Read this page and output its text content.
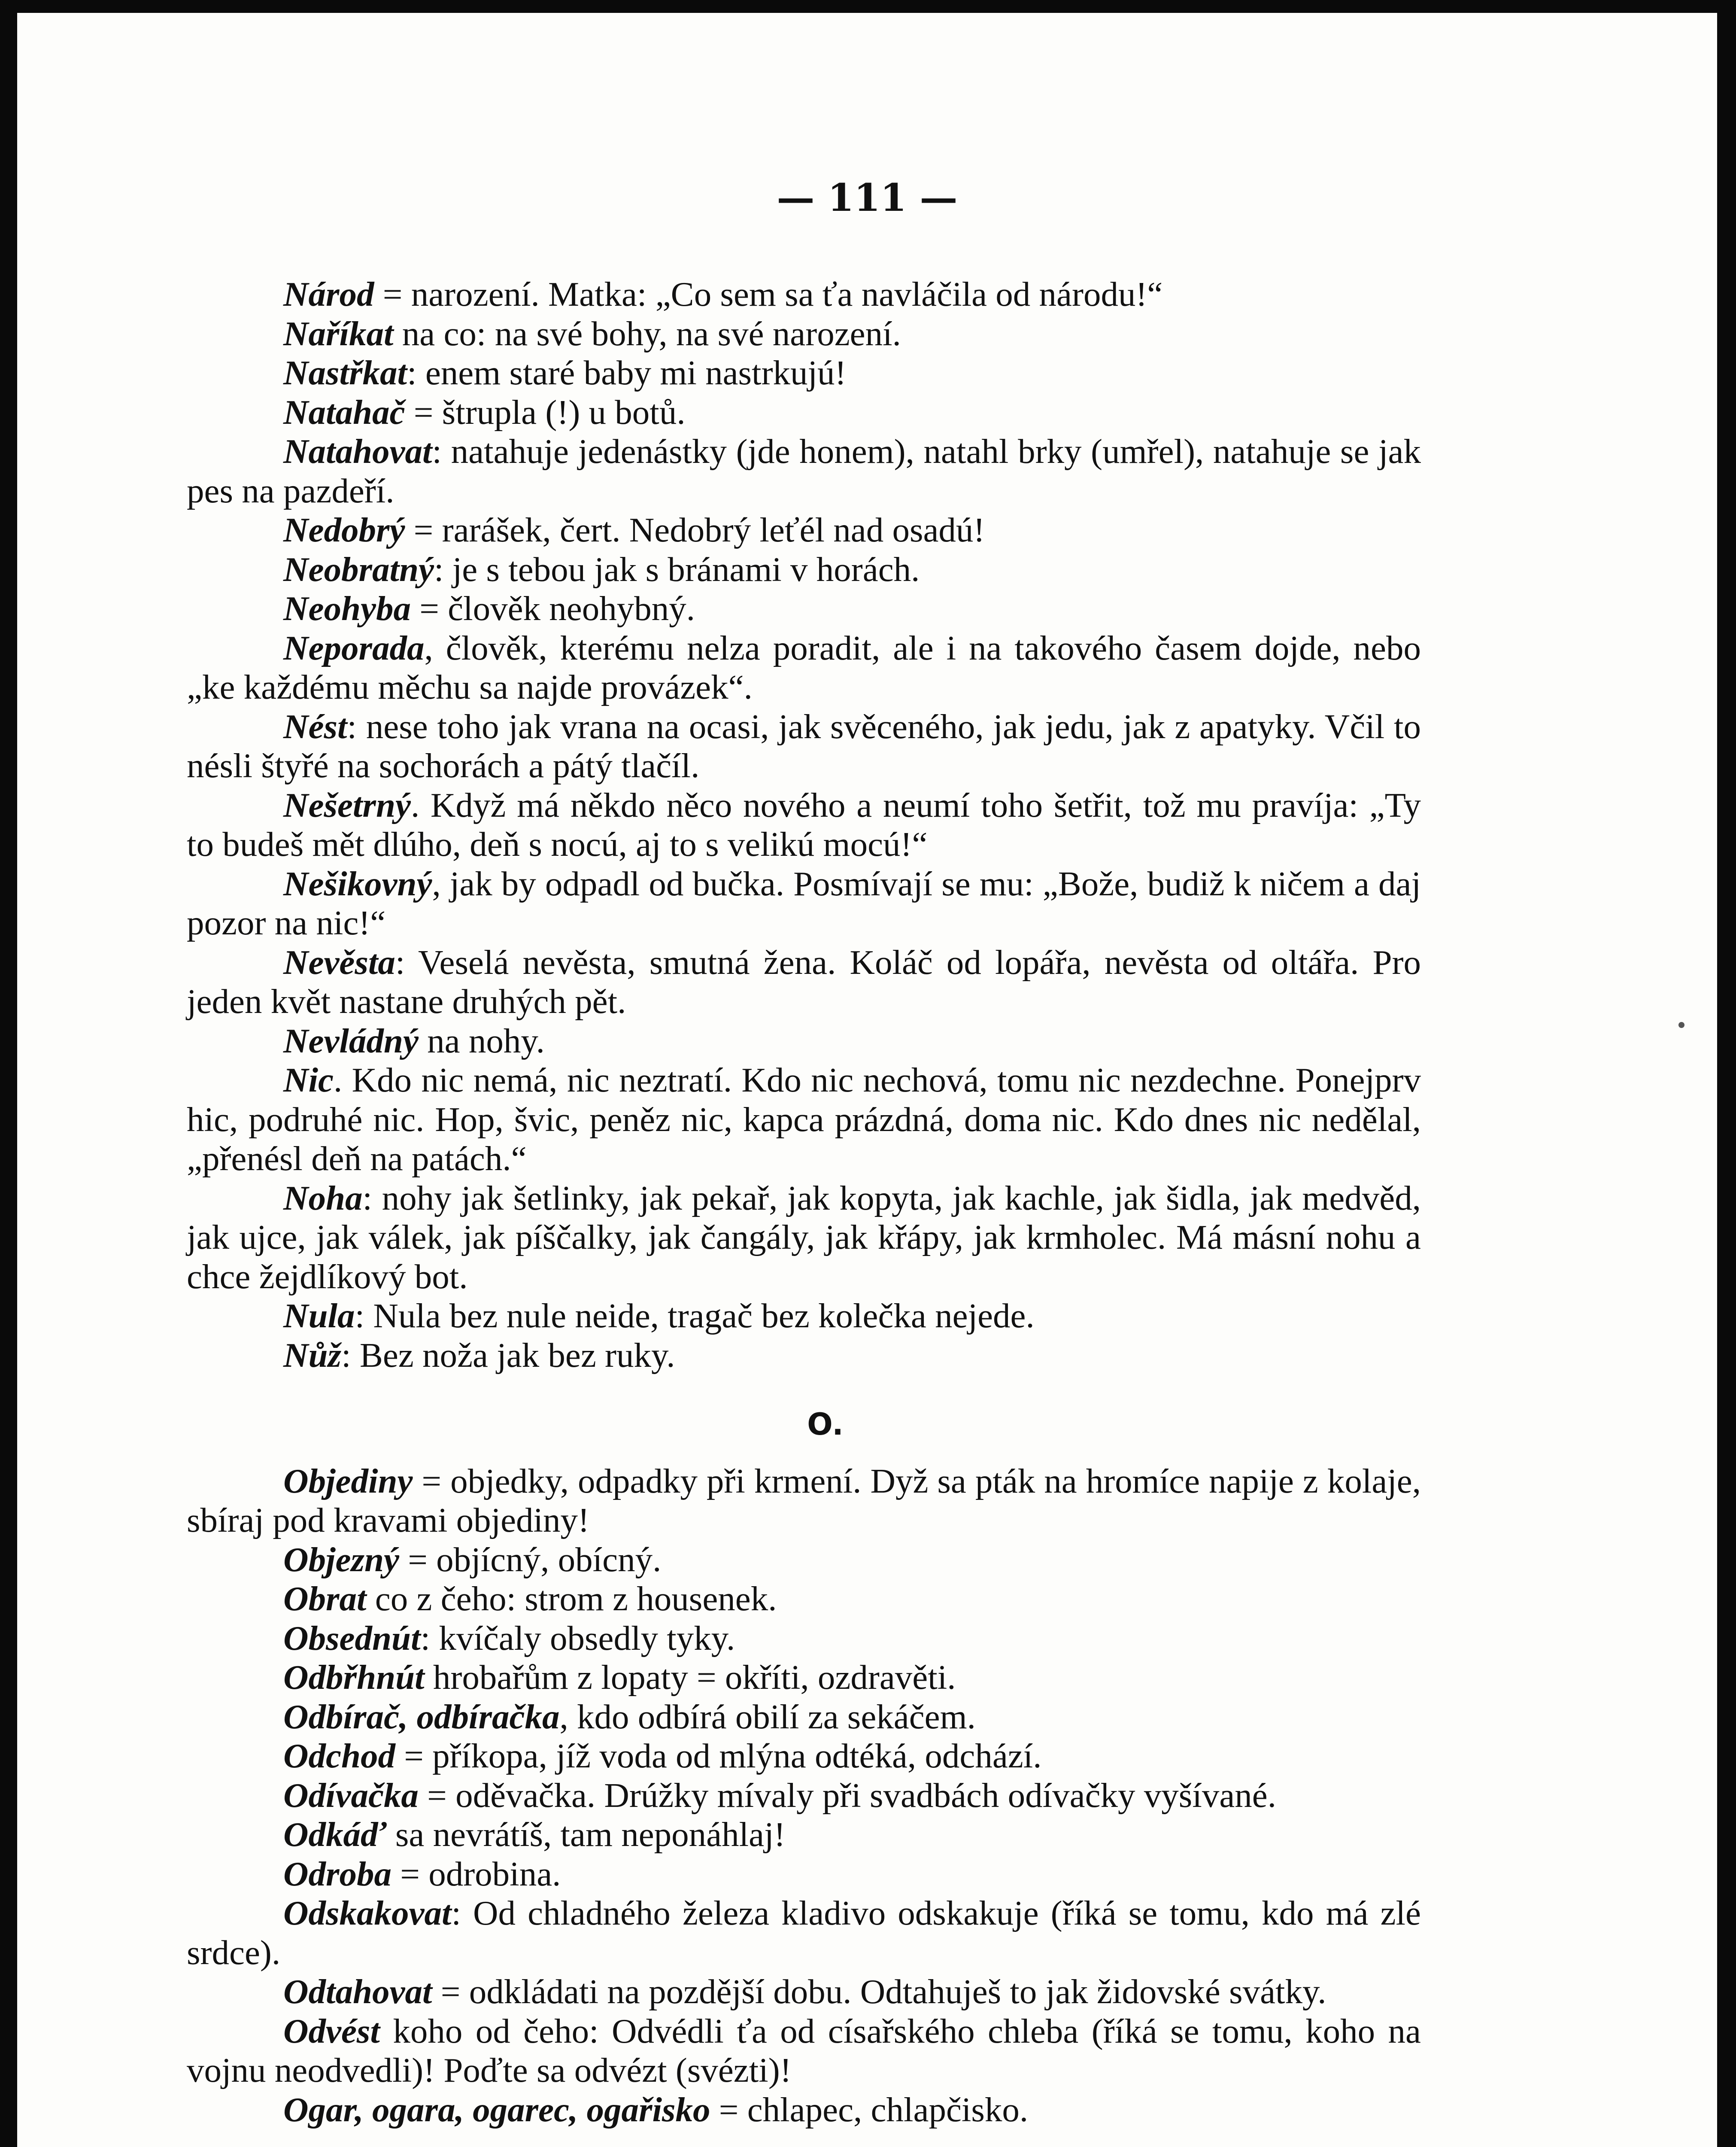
— 111 —

Národ = narození. Matka: „Co sem sa ťa navláčila od národu!“

Naříkat na co: na své bohy, na své narození.

Nastřkat: enem staré baby mi nastrkujú!

Natahač = štrupla (!) u botů.

Natahovat: natahuje jedenástky (jde honem), natahl brky (umřel), natahuje se jak pes na pazdeří.

Nedobrý = rarášek, čert. Nedobrý leťél nad osadú!

Neobratný: je s tebou jak s bránami v horách.

Neohyba = člověk neohybný.

Neporada, člověk, kterému nelza poradit, ale i na takového časem dojde, nebo „ke každému měchu sa najde provázek“.

Nést: nese toho jak vrana na ocasi, jak svěceného, jak jedu, jak z apatyky. Včil to nésli štyřé na sochorách a pátý tlačíl.

Nešetrný. Když má někdo něco nového a neumí toho šetřit, tož mu pravíja: „Ty to budeš mět dlúho, deň s nocú, aj to s velikú mocú!“

Nešikovný, jak by odpadl od bučka. Posmívají se mu: „Bože, budiž k ničem a daj pozor na nic!“

Nevěsta: Veselá nevěsta, smutná žena. Koláč od lopářa, nevěsta od oltářa. Pro jeden květ nastane druhých pět.

Nevládný na nohy.

Nic. Kdo nic nemá, nic neztratí. Kdo nic nechová, tomu nic nezdechne. Ponejprv hic, podruhé nic. Hop, švic, peněz nic, kapca prázdná, doma nic. Kdo dnes nic nedělal, „přenésl deň na patách.“

Noha: nohy jak šetlinky, jak pekař, jak kopyta, jak kachle, jak šidla, jak medvěd, jak ujce, jak válek, jak píščalky, jak čangály, jak křápy, jak krmholec. Má másní nohu a chce žejdlíkový bot.

Nula: Nula bez nule neide, tragač bez kolečka nejede.

Nůž: Bez noža jak bez ruky.

O.

Objediny = objedky, odpadky při krmení. Dyž sa pták na hromíce napije z kolaje, sbíraj pod kravami objediny!

Objezný = objícný, obícný.

Obrat co z čeho: strom z housenek.

Obsednút: kvíčaly obsedly tyky.

Odbřhnút hrobařům z lopaty = okříti, ozdravěti.

Odbírač, odbíračka, kdo odbírá obilí za sekáčem.

Odchod = příkopa, jíž voda od mlýna odtéká, odchází.

Odívačka = oděvačka. Drúžky mívaly při svadbách odívačky vyšívané.

Odkáď sa nevrátíš, tam neponáhlaj!

Odroba = odrobina.

Odskakovat: Od chladného železa kladivo odskakuje (říká se tomu, kdo má zlé srdce).

Odtahovat = odkládati na pozdější dobu. Odtahuješ to jak židovské svátky.

Odvést koho od čeho: Odvédli ťa od císařského chleba (říká se tomu, koho na vojnu neodvedli)! Poďte sa odvézt (svézti)!

Ogar, ogara, ogarec, ogařisko = chlapec, chlapčisko.
